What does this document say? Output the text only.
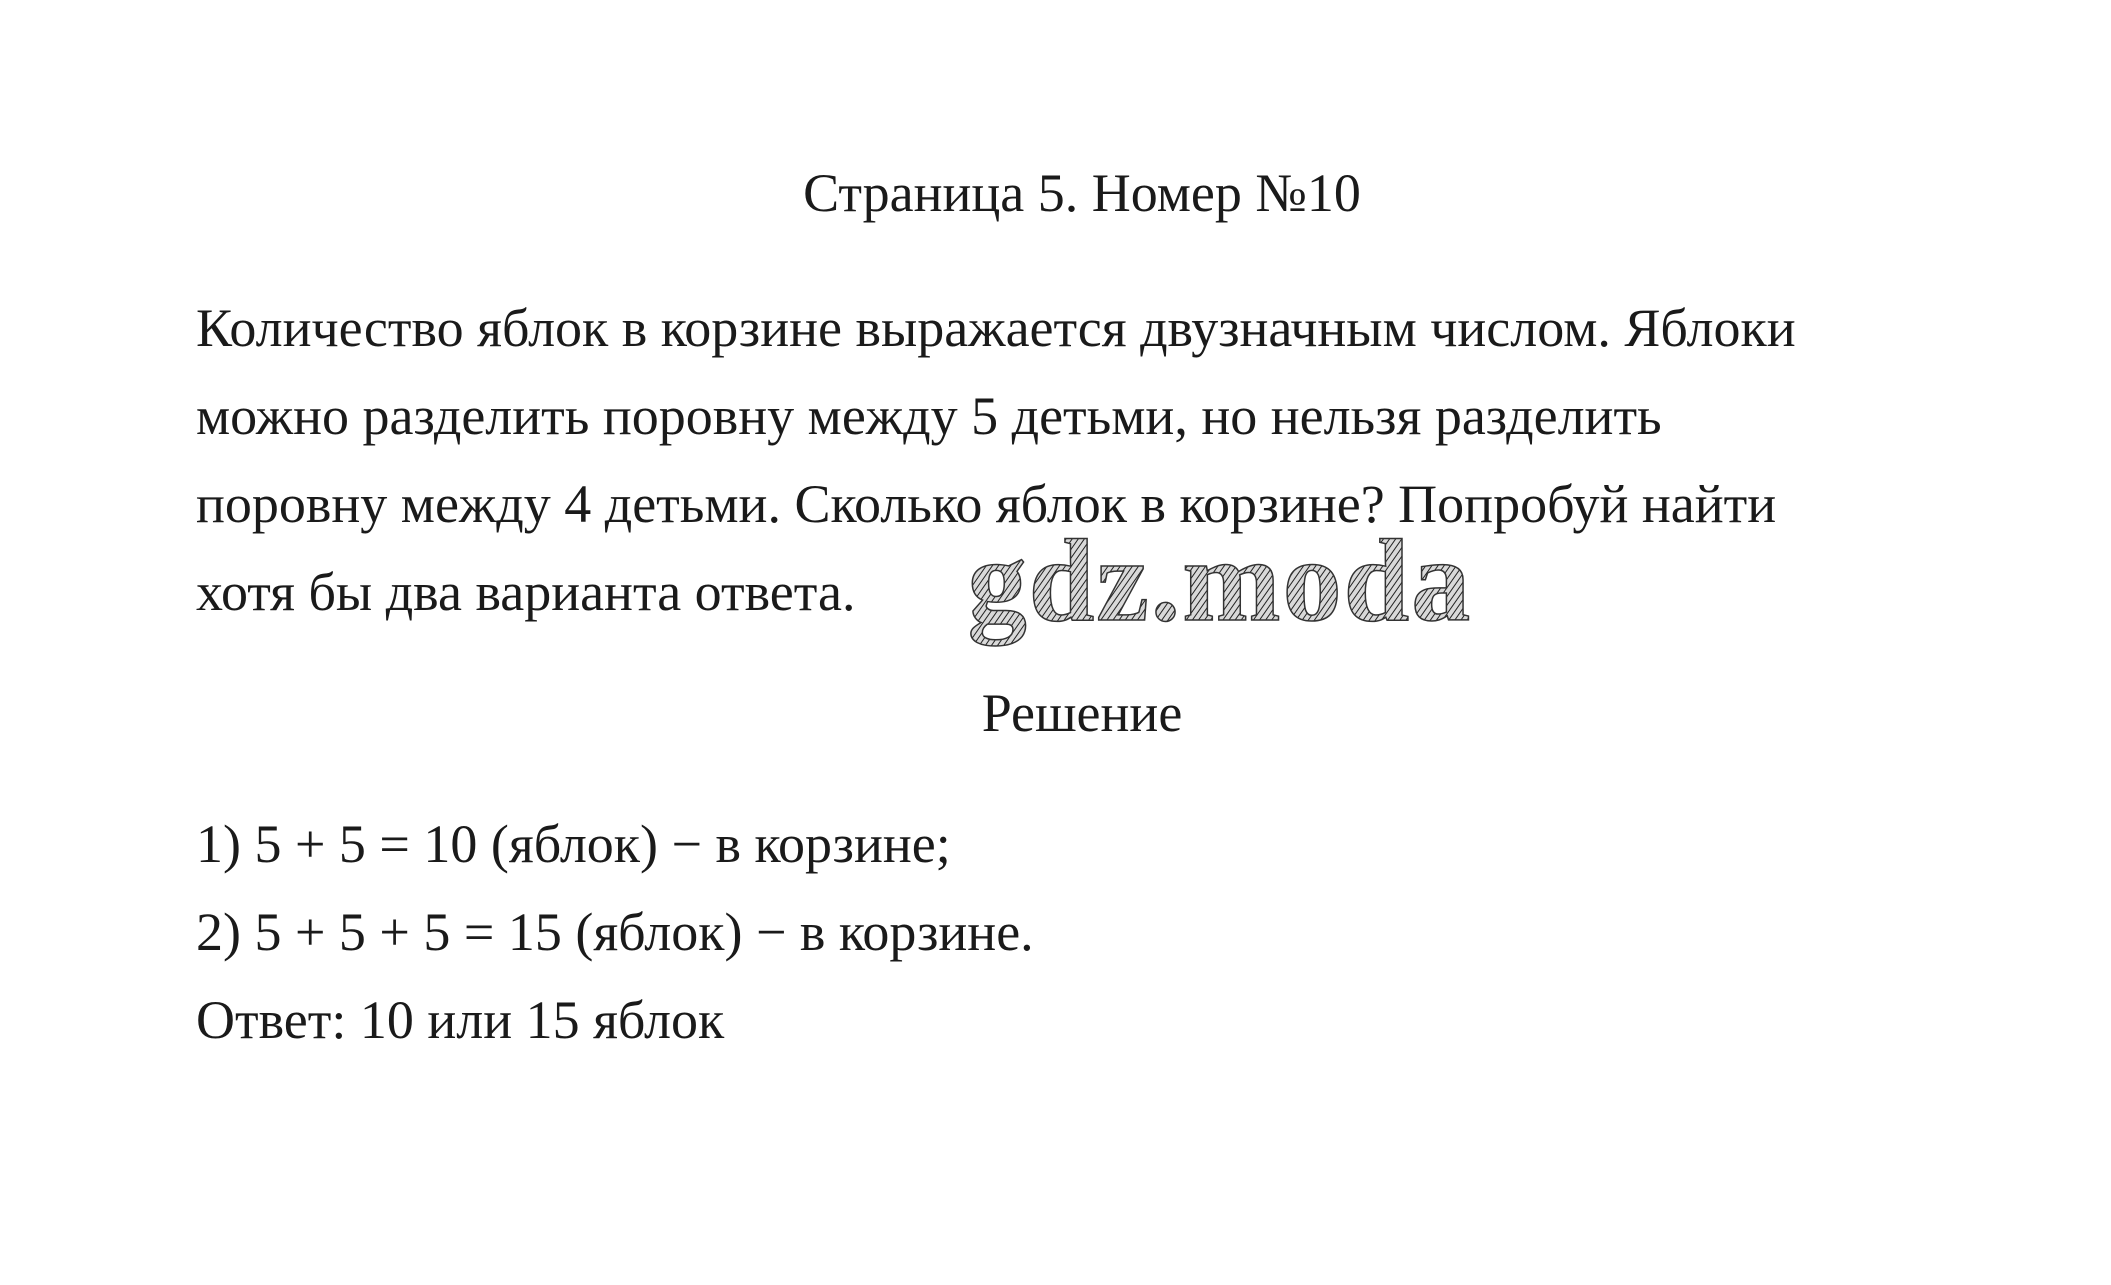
Страница 5. Номер №10
Количество яблок в корзине выражается двузначным числом. Яблоки
можно разделить поровну между 5 детьми, но нельзя разделить
поровну между 4 детьми. Сколько яблок в корзине? Попробуй найти
хотя бы два варианта ответа. gdz.moda
Решение
1) 5 + 5 = 10 (яблок) − в корзине;
2) 5 + 5 + 5 = 15 (яблок) − в корзине.
Ответ: 10 или 15 яблок
